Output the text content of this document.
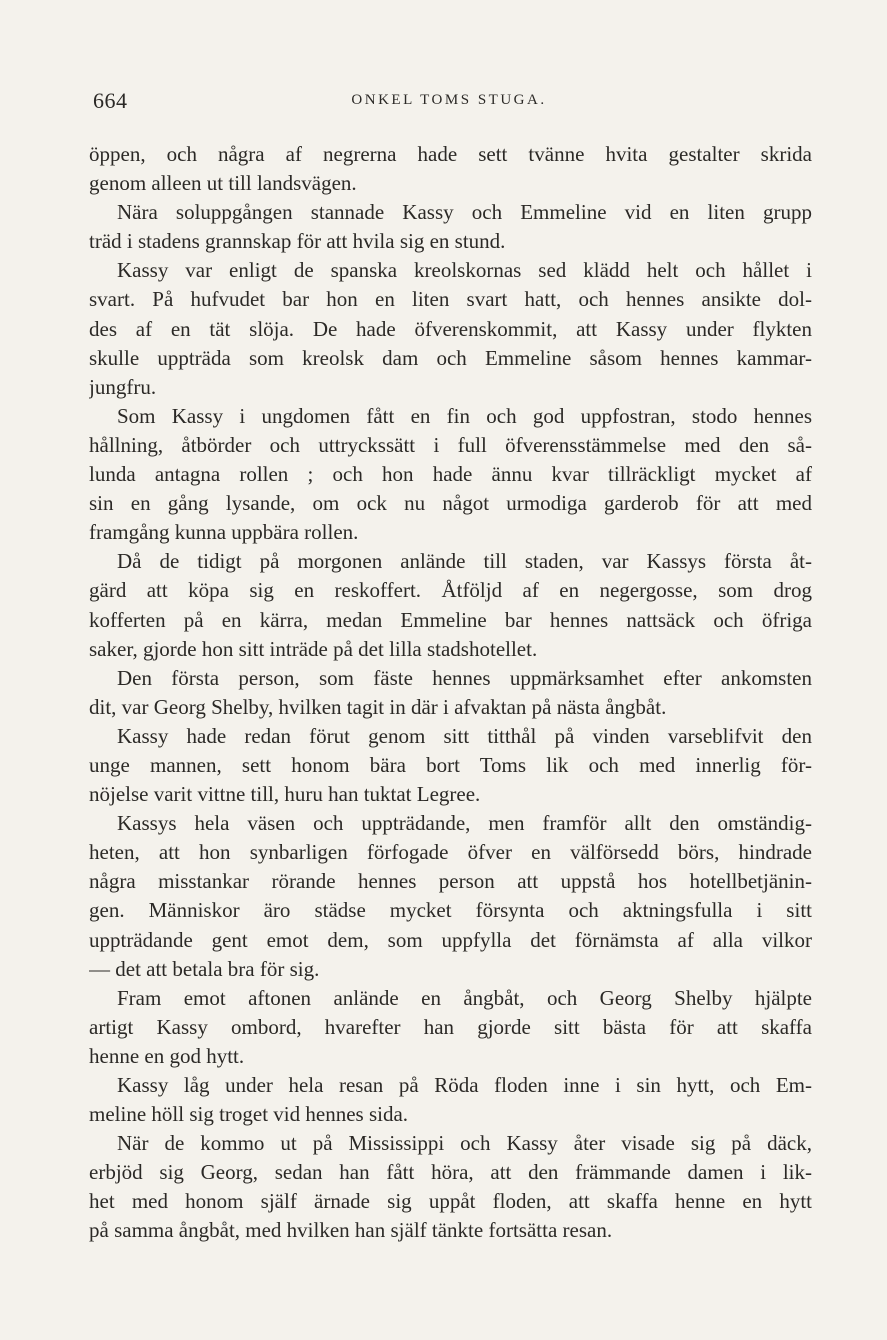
664	ONKEL TOMS STUGA.
öppen, och några af negrerna hade sett tvänne hvita gestalter skrida
genom alleen ut till landsvägen.
Nära soluppgången stannade Kassy och Emmeline vid en liten grupp
träd i stadens grannskap för att hvila sig en stund.
Kassy var enligt de spanska kreolskornas sed klädd helt och hållet i
svart. På hufvudet bar hon en liten svart hatt, och hennes ansikte dol-
des af en tät slöja. De hade öfverenskommit, att Kassy under flykten
skulle uppträda som kreolsk dam och Emmeline såsom hennes kammar-
jungfru.
Som Kassy i ungdomen fått en fin och god uppfostran, stodo hennes
hållning, åtbörder och uttryckssätt i full öfverensstämmelse med den så-
lunda antagna rollen ; och hon hade ännu kvar tillräckligt mycket af
sin en gång lysande, om ock nu något urmodiga garderob för att med
framgång kunna uppbära rollen.
Då de tidigt på morgonen anlände till staden, var Kassys första åt-
gärd att köpa sig en reskoffert. Åtföljd af en negergosse, som drog
kofferten på en kärra, medan Emmeline bar hennes nattsäck och öfriga
saker, gjorde hon sitt inträde på det lilla stadshotellet.
Den första person, som fäste hennes uppmärksamhet efter ankomsten
dit, var Georg Shelby, hvilken tagit in där i afvaktan på nästa ångbåt.
Kassy hade redan förut genom sitt titthål på vinden varseblifvit den
unge mannen, sett honom bära bort Toms lik och med innerlig för-
nöjelse varit vittne till, huru han tuktat Legree.
Kassys hela väsen och uppträdande, men framför allt den omständig-
heten, att hon synbarligen förfogade öfver en välförsedd börs, hindrade
några misstankar rörande hennes person att uppstå hos hotellbetjänin-
gen. Människor äro städse mycket försynta och aktningsfulla i sitt
uppträdande gent emot dem, som uppfylla det förnämsta af alla vilkor
— det att betala bra för sig.
Fram emot aftonen anlände en ångbåt, och Georg Shelby hjälpte
artigt Kassy ombord, hvarefter han gjorde sitt bästa för att skaffa
henne en god hytt.
Kassy låg under hela resan på Röda floden inne i sin hytt, och Em-
meline höll sig troget vid hennes sida.
När de kommo ut på Mississippi och Kassy åter visade sig på däck,
erbjöd sig Georg, sedan han fått höra, att den främmande damen i lik-
het med honom själf ärnade sig uppåt floden, att skaffa henne en hytt
på samma ångbåt, med hvilken han själf tänkte fortsätta resan.
